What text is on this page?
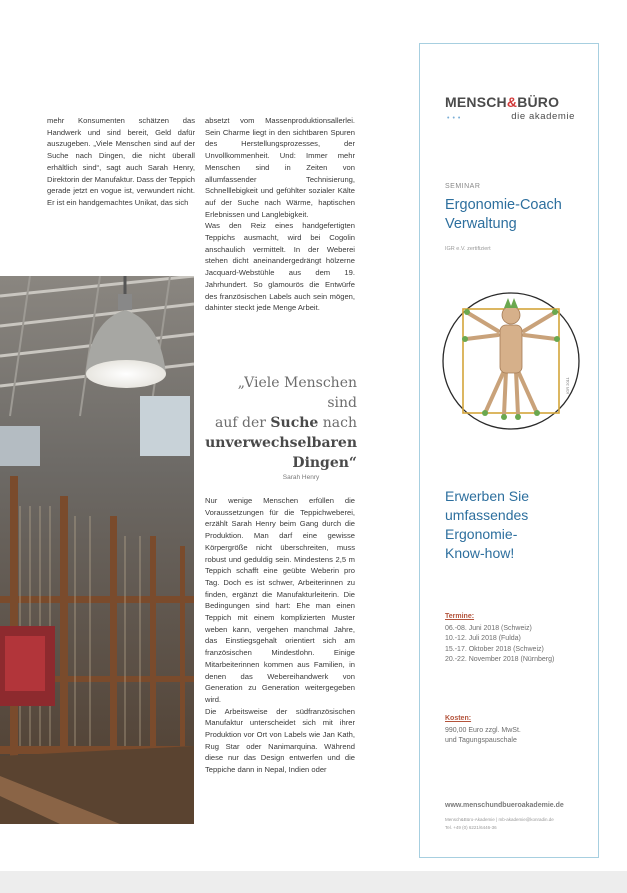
mehr Konsumenten schätzen das Handwerk und sind bereit, Geld dafür auszugeben. „Viele Menschen sind auf der Suche nach Dingen, die nicht überall erhältlich sind“, sagt auch Sarah Henry, Direktorin der Manufaktur. Dass der Teppich gerade jetzt en vogue ist, verwundert nicht. Er ist ein handgemachtes Unikat, das sich

absetzt vom Massenproduktionsallerlei. Sein Charme liegt in den sichtbaren Spuren des Herstellungsprozesses, der Unvollkommenheit. Und: Immer mehr Menschen sind in Zeiten von allumfassender Technisierung, Schnelllebigkeit und gefühlter sozialer Kälte auf der Suche nach Wärme, haptischen Erlebnissen und Langlebigkeit.

Was den Reiz eines handgefertigten Teppichs ausmacht, wird bei Cogolin anschaulich vermittelt. In der Weberei stehen dicht aneinandergedrängt hölzerne Jacquard-Webstühle aus dem 19. Jahrhundert. So glamourös die Entwürfe des französischen Labels auch sein mögen, dahinter steckt jede Menge Arbeit.

„Viele Menschen sind
auf der Suche nach
unverwechselbaren
Dingen“
Sarah Henry

Nur wenige Menschen erfüllen die Voraussetzungen für die Teppichweberei, erzählt Sarah Henry beim Gang durch die Produktion. Man darf eine gewisse Körpergröße nicht überschreiten, muss robust und geduldig sein. Mindestens 2,5 m Teppich schafft eine geübte Weberin pro Tag. Doch es ist schwer, Arbeiterinnen zu finden, ergänzt die Manufakturleiterin. Die Bedingungen sind hart: Ehe man einen Teppich mit einem komplizierten Muster weben kann, vergehen manchmal Jahre, das Einstiegsgehalt orientiert sich am französischen Mindestlohn. Einige Mitarbeiterinnen kommen aus Familien, in denen das Webereihandwerk von Generation zu Generation weitergegeben wird.

Die Arbeitsweise der südfranzösischen Manufaktur unterscheidet sich mit ihrer Produktion vor Ort von Labels wie Jan Kath, Rug Star oder Nanimarquina. Während diese nur das Design entwerfen und die Teppiche dann in Nepal, Indien oder

MENSCH&BÜRO
die akademie
•••
SEMINAR
Ergonomie-Coach
Verwaltung
IGR e.V. zertifiziert
IGR 2011
Erwerben Sie
umfassendes
Ergonomie-
Know-how!
Termine:
06.-08. Juni 2018 (Schweiz)
10.-12. Juli 2018 (Fulda)
15.-17. Oktober 2018 (Schweiz)
20.-22. November 2018 (Nürnberg)
Kosten:
990,00 Euro zzgl. MwSt.
und Tagungspauschale
www.menschundbueroakademie.de
Mensch&Büro-Akademie | mb-akademie@konradin.de
Tel. +49 (0) 6221/6446-36
